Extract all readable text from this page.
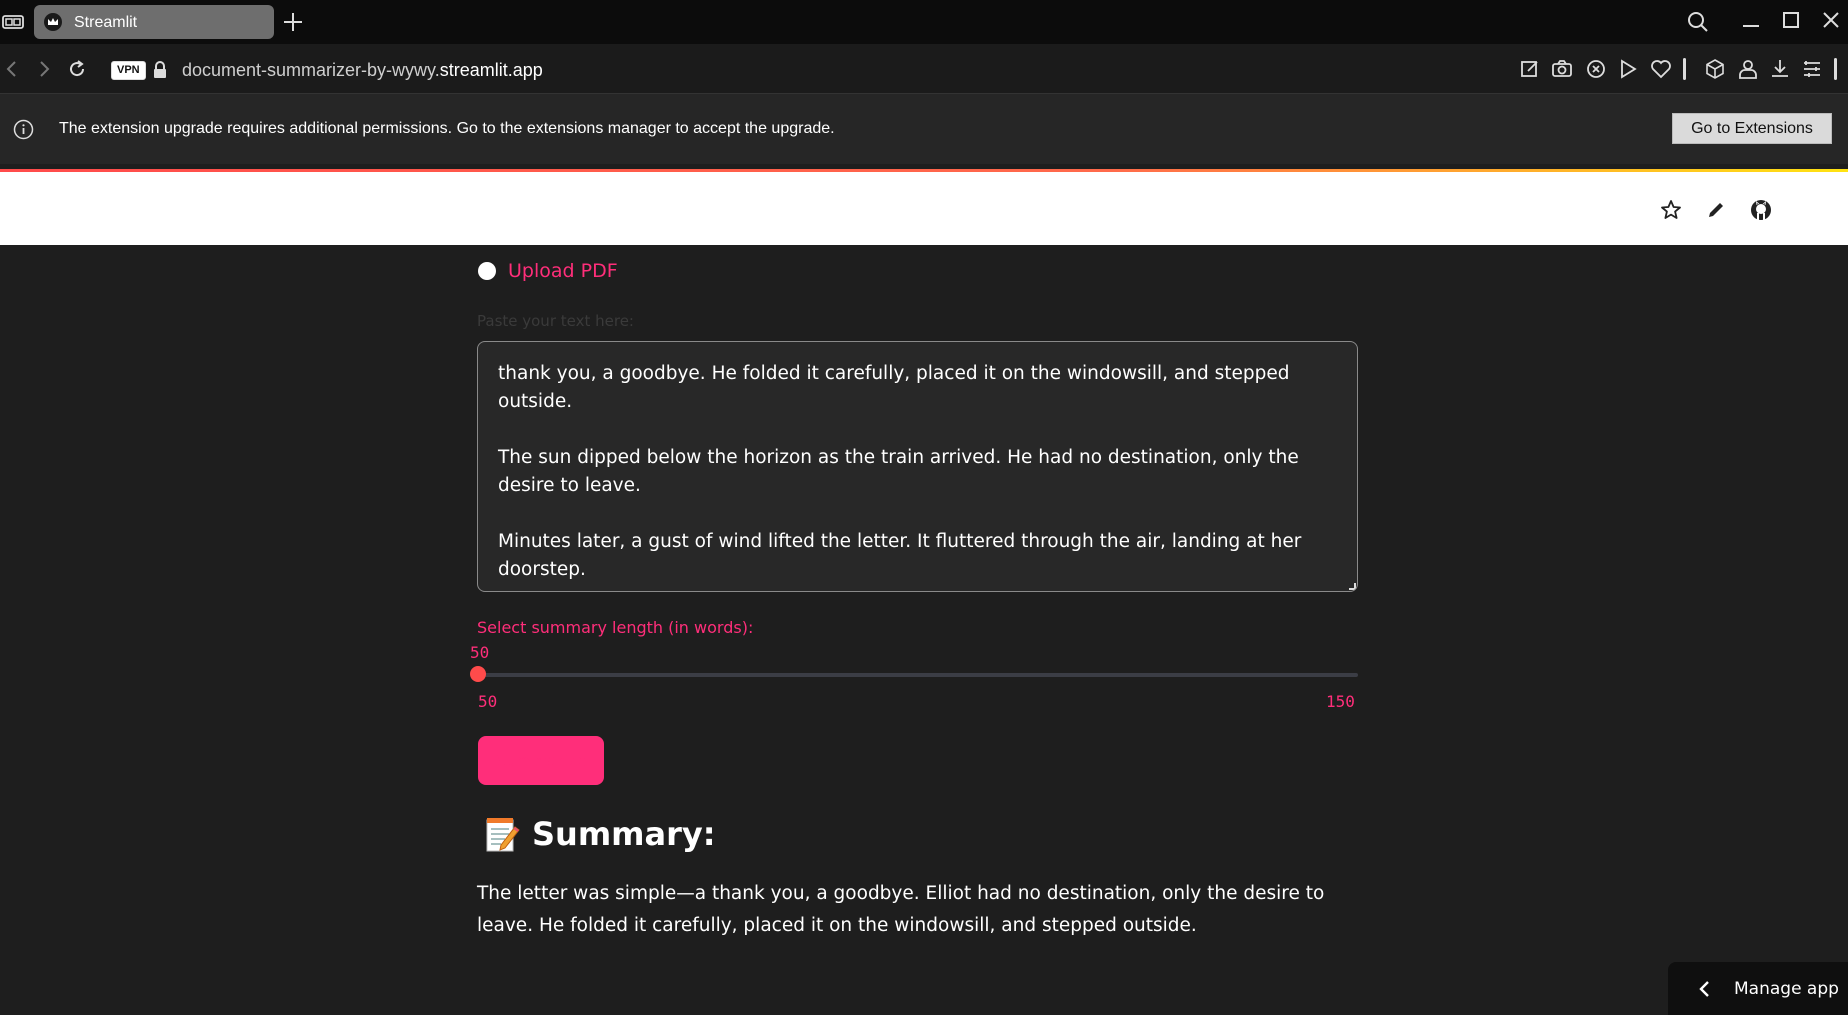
Streamlit
VPN	document-summarizer-by-wywy.streamlit.app
The extension upgrade requires additional permissions. Go to the extensions manager to accept the upgrade.	Go to Extensions
Upload PDF
Paste your text here:

thank you, a goodbye. He folded it carefully, placed it on the windowsill, and stepped outside.

The sun dipped below the horizon as the train arrived. He had no destination, only the desire to leave.

Minutes later, a gust of wind lifted the letter. It fluttered through the air, landing at her doorstep.

Select summary length (in words):
50
50	150
Summarize
Summary:
The letter was simple—a thank you, a goodbye. Elliot had no destination, only the desire to leave. He folded it carefully, placed it on the windowsill, and stepped outside.
Manage app
